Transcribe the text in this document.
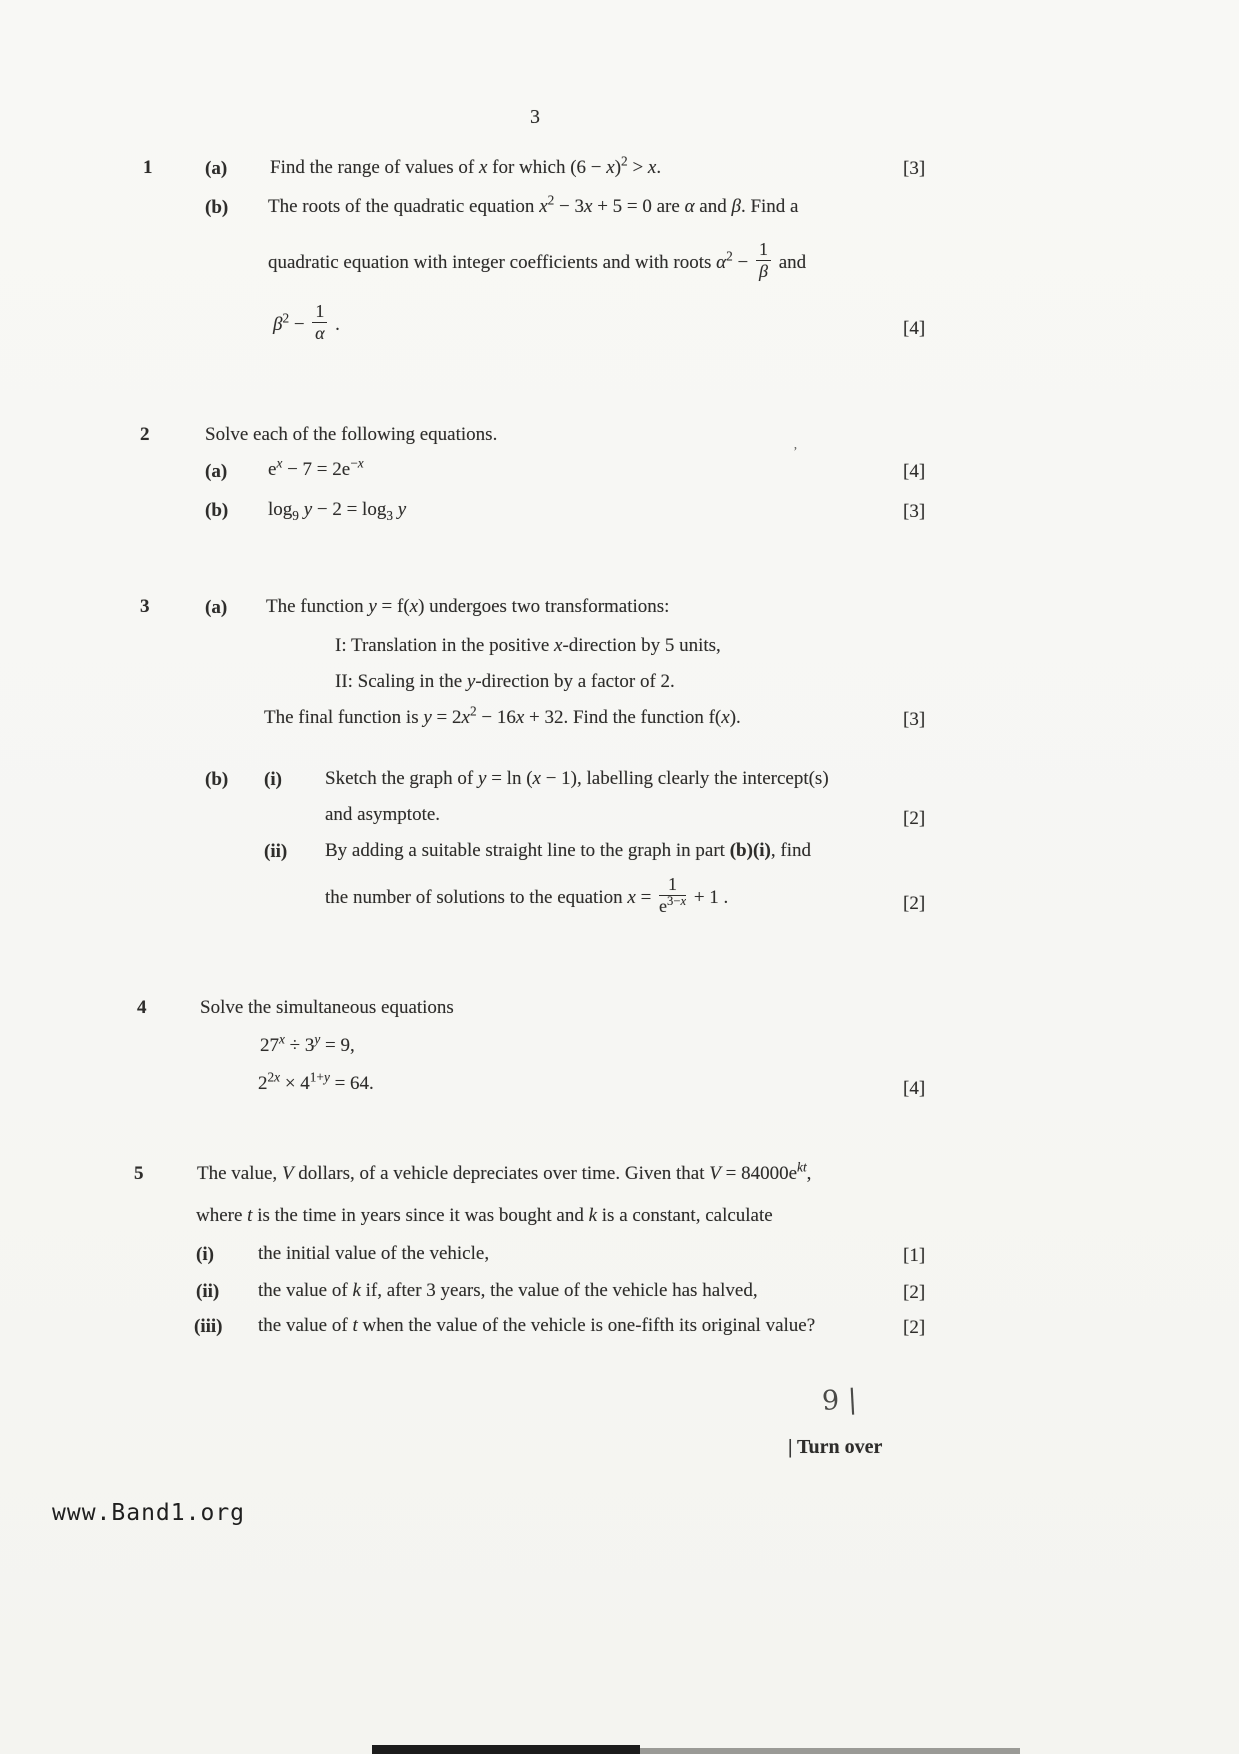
3
1	(a) Find the range of values of x for which $(6 - x)^2 > x$.	[3]
(b) The roots of the quadratic equation $x^2 - 3x + 5 = 0$ are α and β. Find a
quadratic equation with integer coefficients and with roots $\alpha^2 - \frac{1}{\beta}$ and
$\beta^2 - \frac{1}{\alpha}$ .	[4]
2	Solve each of the following equations.
(a) $e^x - 7 = 2e^{-x}$	[4]
(b) $\log_9 y - 2 = \log_3 y$	[3]
’
3	(a) The function y = f(x) undergoes two transformations:
I: Translation in the positive x-direction by 5 units,
II: Scaling in the y-direction by a factor of 2.
The final function is $y = 2x^2 - 16x + 32$. Find the function f(x).	[3]
(b) (i) Sketch the graph of y = ln (x − 1), labelling clearly the intercept(s)
and asymptote.	[2]
(ii) By adding a suitable straight line to the graph in part (b)(i), find
the number of solutions to the equation $x = \frac{1}{e^{3-x}} + 1$ .	[2]
4	Solve the simultaneous equations
$27^x \div 3^y = 9$,
$2^{2x} \times 4^{1+y} = 64$.	[4]
5	The value, V dollars, of a vehicle depreciates over time. Given that $V = 84000e^{kt}$,
where t is the time in years since it was bought and k is a constant, calculate
(i) the initial value of the vehicle,	[1]
(ii) the value of k if, after 3 years, the value of the vehicle has halved,	[2]
(iii) the value of t when the value of the vehicle is one-fifth its original value?	[2]
9 |
| Turn over
www.Band1.org
